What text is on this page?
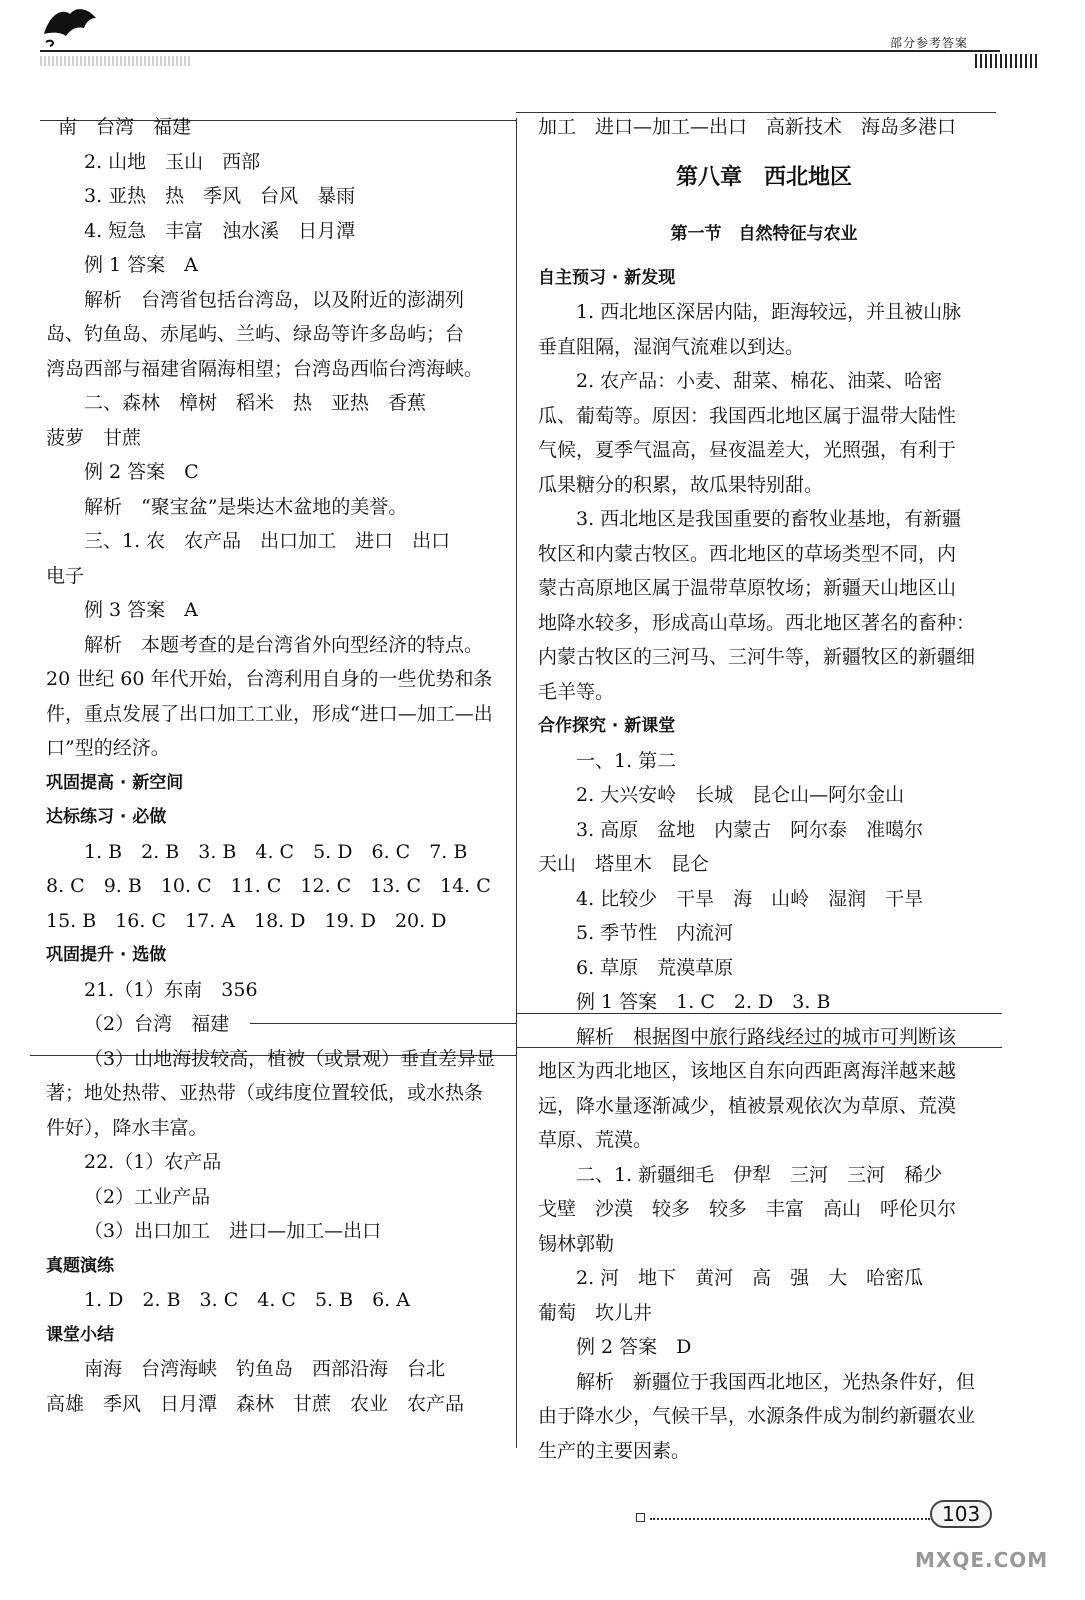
部分参考答案

南　台湾　福建

2. 山地　玉山　西部

3. 亚热　热　季风　台风　暴雨

4. 短急　丰富　浊水溪　日月潭

例 1 答案　A

解析　台湾省包括台湾岛，以及附近的澎湖列

岛、钓鱼岛、赤尾屿、兰屿、绿岛等许多岛屿；台

湾岛西部与福建省隔海相望；台湾岛西临台湾海峡。

二、森林　樟树　稻米　热　亚热　香蕉

菠萝　甘蔗

例 2 答案　C

解析　“聚宝盆”是柴达木盆地的美誉。

三、1. 农　农产品　出口加工　进口　出口

电子

例 3 答案　A

解析　本题考查的是台湾省外向型经济的特点。

20 世纪 60 年代开始，台湾利用自身的一些优势和条

件，重点发展了出口加工工业，形成“进口—加工—出

口”型的经济。

巩固提高 · 新空间

达标练习 · 必做

1. B　2. B　3. B　4. C　5. D　6. C　7. B

8. C　9. B　10. C　11. C　12. C　13. C　14. C

15. B　16. C　17. A　18. D　19. D　20. D

巩固提升 · 选做

21.（1）东南　356

（2）台湾　福建

（3）山地海拔较高，植被（或景观）垂直差异显

著；地处热带、亚热带（或纬度位置较低，或水热条

件好），降水丰富。

22.（1）农产品

（2）工业产品

（3）出口加工　进口—加工—出口

真题演练

1. D　2. B　3. C　4. C　5. B　6. A

课堂小结

南海　台湾海峡　钓鱼岛　西部沿海　台北

高雄　季风　日月潭　森林　甘蔗　农业　农产品

加工　进口—加工—出口　高新技术　海岛多港口

第八章　西北地区

第一节　自然特征与农业

自主预习 · 新发现

1. 西北地区深居内陆，距海较远，并且被山脉

垂直阻隔，湿润气流难以到达。

2. 农产品：小麦、甜菜、棉花、油菜、哈密

瓜、葡萄等。原因：我国西北地区属于温带大陆性

气候，夏季气温高，昼夜温差大，光照强，有利于

瓜果糖分的积累，故瓜果特别甜。

3. 西北地区是我国重要的畜牧业基地，有新疆

牧区和内蒙古牧区。西北地区的草场类型不同，内

蒙古高原地区属于温带草原牧场；新疆天山地区山

地降水较多，形成高山草场。西北地区著名的畜种：

内蒙古牧区的三河马、三河牛等，新疆牧区的新疆细

毛羊等。

合作探究 · 新课堂

一、1. 第二

2. 大兴安岭　长城　昆仑山—阿尔金山

3. 高原　盆地　内蒙古　阿尔泰　准噶尔

天山　塔里木　昆仑

4. 比较少　干旱　海　山岭　湿润　干旱

5. 季节性　内流河

6. 草原　荒漠草原

例 1 答案　1. C　2. D　3. B

解析　根据图中旅行路线经过的城市可判断该

地区为西北地区，该地区自东向西距离海洋越来越

远，降水量逐渐减少，植被景观依次为草原、荒漠

草原、荒漠。

二、1. 新疆细毛　伊犁　三河　三河　稀少

戈壁　沙漠　较多　较多　丰富　高山　呼伦贝尔

锡林郭勒

2. 河　地下　黄河　高　强　大　哈密瓜

葡萄　坎儿井

例 2 答案　D

解析　新疆位于我国西北地区，光热条件好，但

由于降水少，气候干旱，水源条件成为制约新疆农业

生产的主要因素。

103
MXQE.COM
